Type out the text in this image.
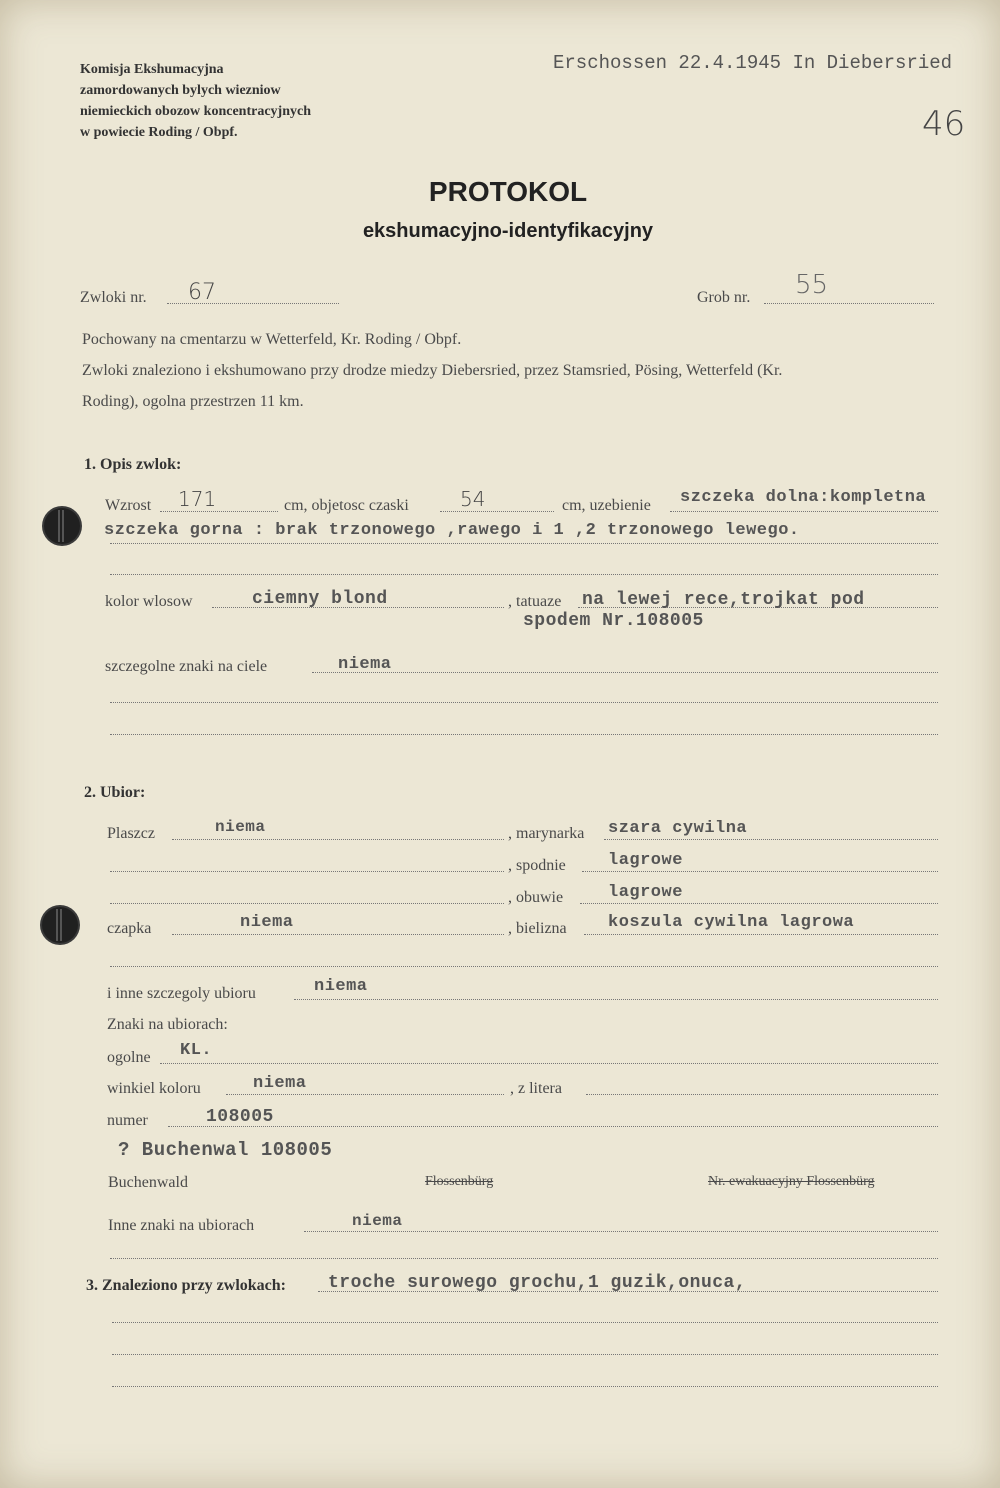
Komisja Ekshumacyjna
zamordowanych bylych wiezniow
niemieckich obozow koncentracyjnych
w powiecie Roding / Obpf.
Erschossen 22.4.1945 In Diebersried
46
PROTOKOL
ekshumacyjno-identyfikacyjny
Zwloki nr. 67	Grob nr. 55
Pochowany na cmentarzu w Wetterfeld, Kr. Roding / Obpf.
Zwloki znaleziono i ekshumowano przy drodze miedzy Diebersried, przez Stamsried, Pösing, Wetterfeld (Kr.
Roding), ogolna przestrzen 11 km.
1. Opis zwlok:
Wzrost 171	cm, objetosc czaski	54	cm, uzebienie szczeka dolna:kompletna
szczeka gorna : brak trzonowego ,rawego i 1 ,2 trzonowego lewego.
kolor wlosow	ciemny blond	, tatuaze na lewej rece,trojkat pod
spodem Nr.108005
szczegolne znaki na ciele	niema
2. Ubior:
Plaszcz	niema	, marynarka szara cywilna
, spodnie lagrowe
, obuwie	lagrowe
czapka	niema	, bielizna koszula cywilna lagrowa
i inne szczegoly ubioru	niema
Znaki na ubiorach:
ogolne KL.
winkiel koloru	niema	, z litera
numer	108005
? Buchenwal 108005
Buchenwald	Flossenbürg	Nr. ewakuacyjny Flossenbürg
Inne znaki na ubiorach	niema
3. Znaleziono przy zwlokach: troche surowego grochu,1 guzik,onuca,
